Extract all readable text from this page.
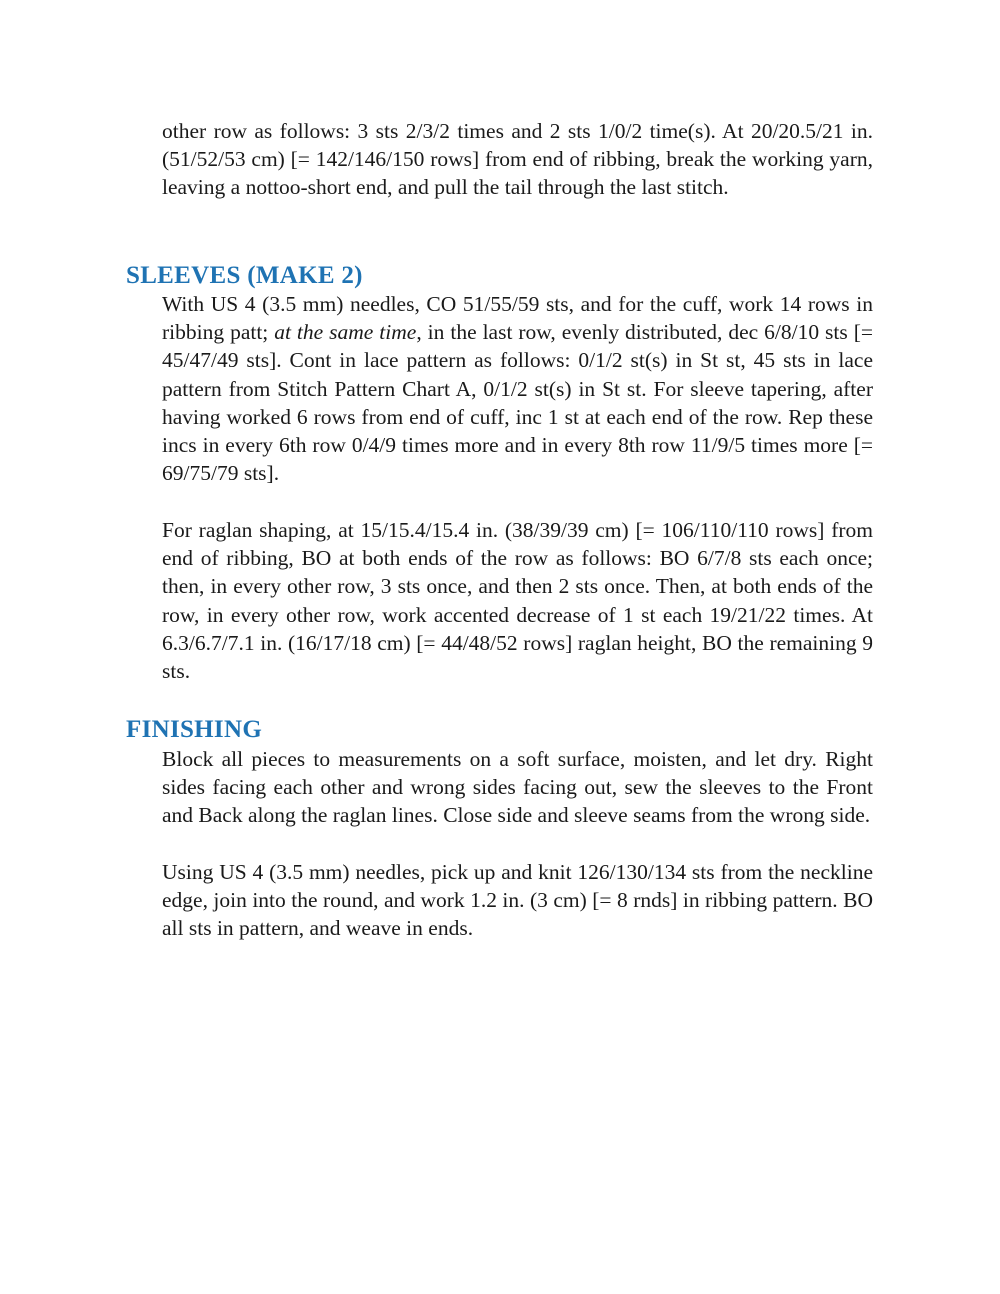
other row as follows: 3 sts 2/3/2 times and 2 sts 1/0/2 time(s). At 20/20.5/21 in. (51/52/53 cm) [= 142/146/150 rows] from end of ribbing, break the working yarn, leaving a nottoo-short end, and pull the tail through the last stitch.

SLEEVES (MAKE 2)

With US 4 (3.5 mm) needles, CO 51/55/59 sts, and for the cuff, work 14 rows in ribbing patt; at the same time, in the last row, evenly distributed, dec 6/8/10 sts [= 45/47/49 sts]. Cont in lace pattern as follows: 0/1/2 st(s) in St st, 45 sts in lace pattern from Stitch Pattern Chart A, 0/1/2 st(s) in St st. For sleeve tapering, after having worked 6 rows from end of cuff, inc 1 st at each end of the row. Rep these incs in every 6th row 0/4/9 times more and in every 8th row 11/9/5 times more [= 69/75/79 sts].

For raglan shaping, at 15/15.4/15.4 in. (38/39/39 cm) [= 106/110/110 rows] from end of ribbing, BO at both ends of the row as follows: BO 6/7/8 sts each once; then, in every other row, 3 sts once, and then 2 sts once. Then, at both ends of the row, in every other row, work accented decrease of 1 st each 19/21/22 times. At 6.3/6.7/7.1 in. (16/17/18 cm) [= 44/48/52 rows] raglan height, BO the remaining 9 sts.

FINISHING

Block all pieces to measurements on a soft surface, moisten, and let dry. Right sides facing each other and wrong sides facing out, sew the sleeves to the Front and Back along the raglan lines. Close side and sleeve seams from the wrong side.

Using US 4 (3.5 mm) needles, pick up and knit 126/130/134 sts from the neckline edge, join into the round, and work 1.2 in. (3 cm) [= 8 rnds] in ribbing pattern. BO all sts in pattern, and weave in ends.
